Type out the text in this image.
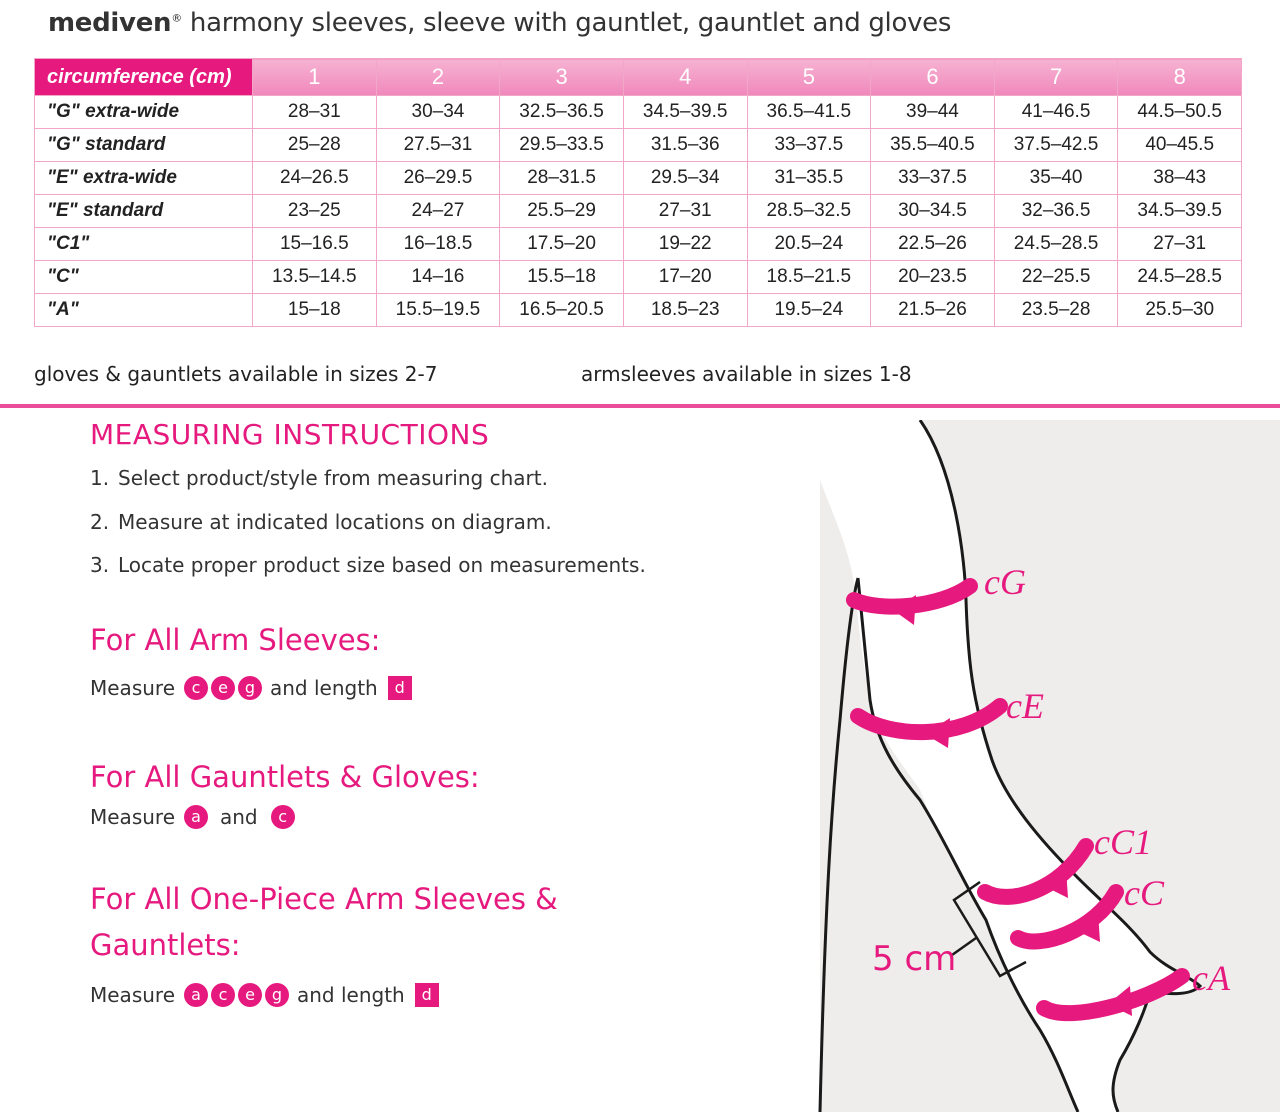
mediven® harmony sleeves, sleeve with gauntlet, gauntlet and gloves
circumference (cm)	1	2	3	4	5	6	7	8
"G" extra-wide	28–31	30–34	32.5–36.5	34.5–39.5	36.5–41.5	39–44	41–46.5	44.5–50.5
"G" standard	25–28	27.5–31	29.5–33.5	31.5–36	33–37.5	35.5–40.5	37.5–42.5	40–45.5
"E" extra-wide	24–26.5	26–29.5	28–31.5	29.5–34	31–35.5	33–37.5	35–40	38–43
"E" standard	23–25	24–27	25.5–29	27–31	28.5–32.5	30–34.5	32–36.5	34.5–39.5
"C1"	15–16.5	16–18.5	17.5–20	19–22	20.5–24	22.5–26	24.5–28.5	27–31
"C"	13.5–14.5	14–16	15.5–18	17–20	18.5–21.5	20–23.5	22–25.5	24.5–28.5
"A"	15–18	15.5–19.5	16.5–20.5	18.5–23	19.5–24	21.5–26	23.5–28	25.5–30
gloves & gauntlets available in sizes 2-7	armsleeves available in sizes 1-8
MEASURING INSTRUCTIONS
1. Select product/style from measuring chart.
2. Measure at indicated locations on diagram.
3. Locate proper product size based on measurements.
For All Arm Sleeves:
Measure	c	e	g and length	d
For All Gauntlets & Gloves:
Measure	a and	c
For All One-Piece Arm Sleeves &
Gauntlets:
Measure	a	c	e	g and length	d
cG
cE
cC1
cC
cA
5 cm
